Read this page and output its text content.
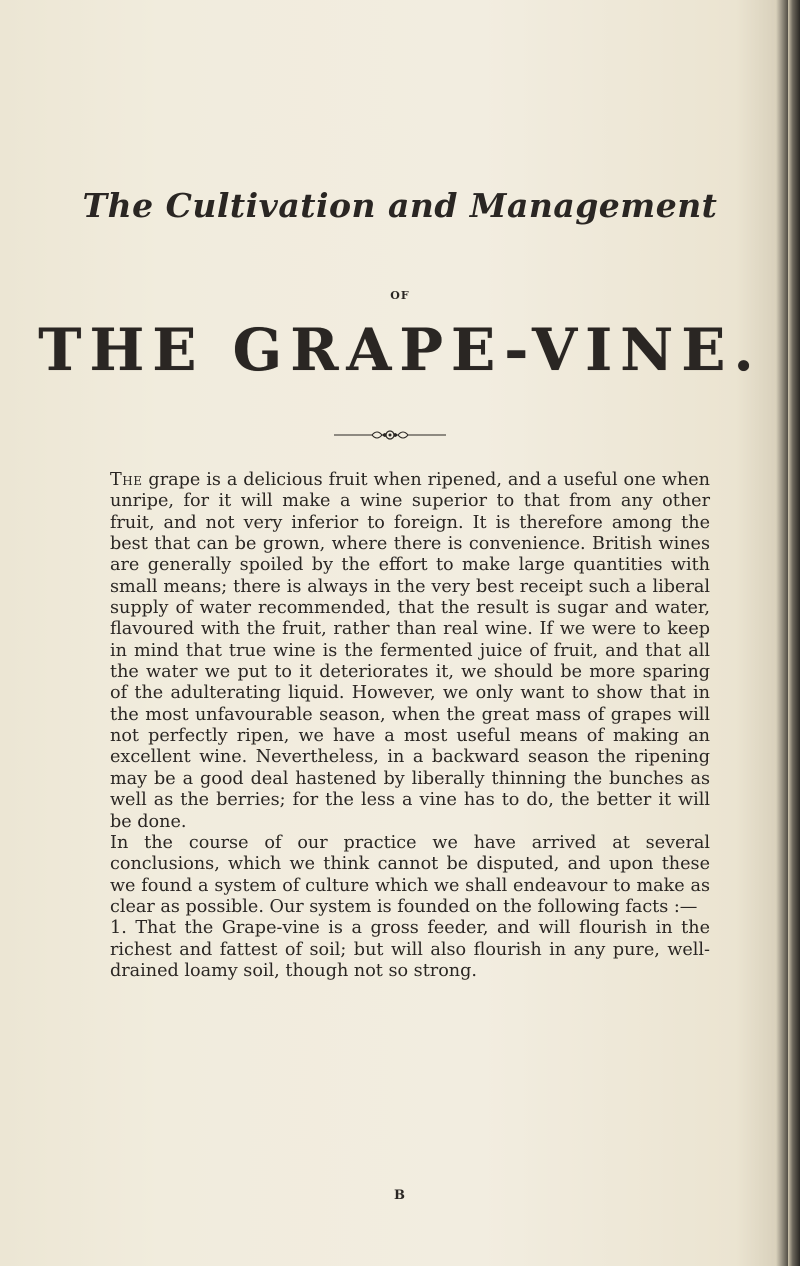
The Cultivation and Management
OF
THE GRAPE-VINE.

The grape is a delicious fruit when ripened, and a useful one when unripe, for it will make a wine superior to that from any other fruit, and not very inferior to foreign. It is therefore among the best that can be grown, where there is convenience. British wines are generally spoiled by the effort to make large quantities with small means; there is always in the very best receipt such a liberal supply of water recommended, that the result is sugar and water, flavoured with the fruit, rather than real wine. If we were to keep in mind that true wine is the fermented juice of fruit, and that all the water we put to it deteriorates it, we should be more sparing of the adulterating liquid. However, we only want to show that in the most unfavourable season, when the great mass of grapes will not perfectly ripen, we have a most useful means of making an excellent wine. Nevertheless, in a backward season the ripening may be a good deal hastened by liberally thinning the bunches as well as the berries; for the less a vine has to do, the better it will be done.

In the course of our practice we have arrived at several conclusions, which we think cannot be disputed, and upon these we found a system of culture which we shall endeavour to make as clear as possible. Our system is founded on the following facts :—

1. That the Grape-vine is a gross feeder, and will flourish in the richest and fattest of soil; but will also flourish in any pure, well-drained loamy soil, though not so strong.

B
